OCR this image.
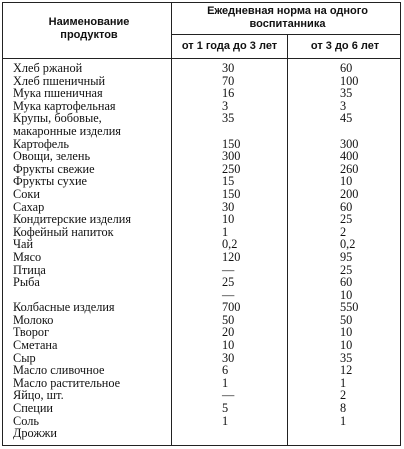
Наименование продуктов
Ежедневная норма на одного воспитанника
от 1 года до 3 лет	от 3 до 6 лет
Хлеб ржаной
Хлеб пшеничный
Мука пшеничная
Мука картофельная
Крупы, бобовые,
макаронные изделия
Картофель
Овощи, зелень
Фрукты свежие
Фрукты сухие
Соки
Сахар
Кондитерские изделия
Кофейный напиток
Чай
Мясо
Птица
Рыба
Колбасные изделия
Молоко
Творог
Сметана
Сыр
Масло сливочное
Масло растительное
Яйцо, шт.
Специи
Соль
Дрожжи
30
70
16
3
35
150
300
250
15
150
30
10
1
0,2
120
—
25
—
700
50
20
10
30
6
1
—
5
1
60
100
35
3
45
300
400
260
10
200
60
25
2
0,2
95
25
60
10
550
50
10
10
35
12
1
2
8
1
